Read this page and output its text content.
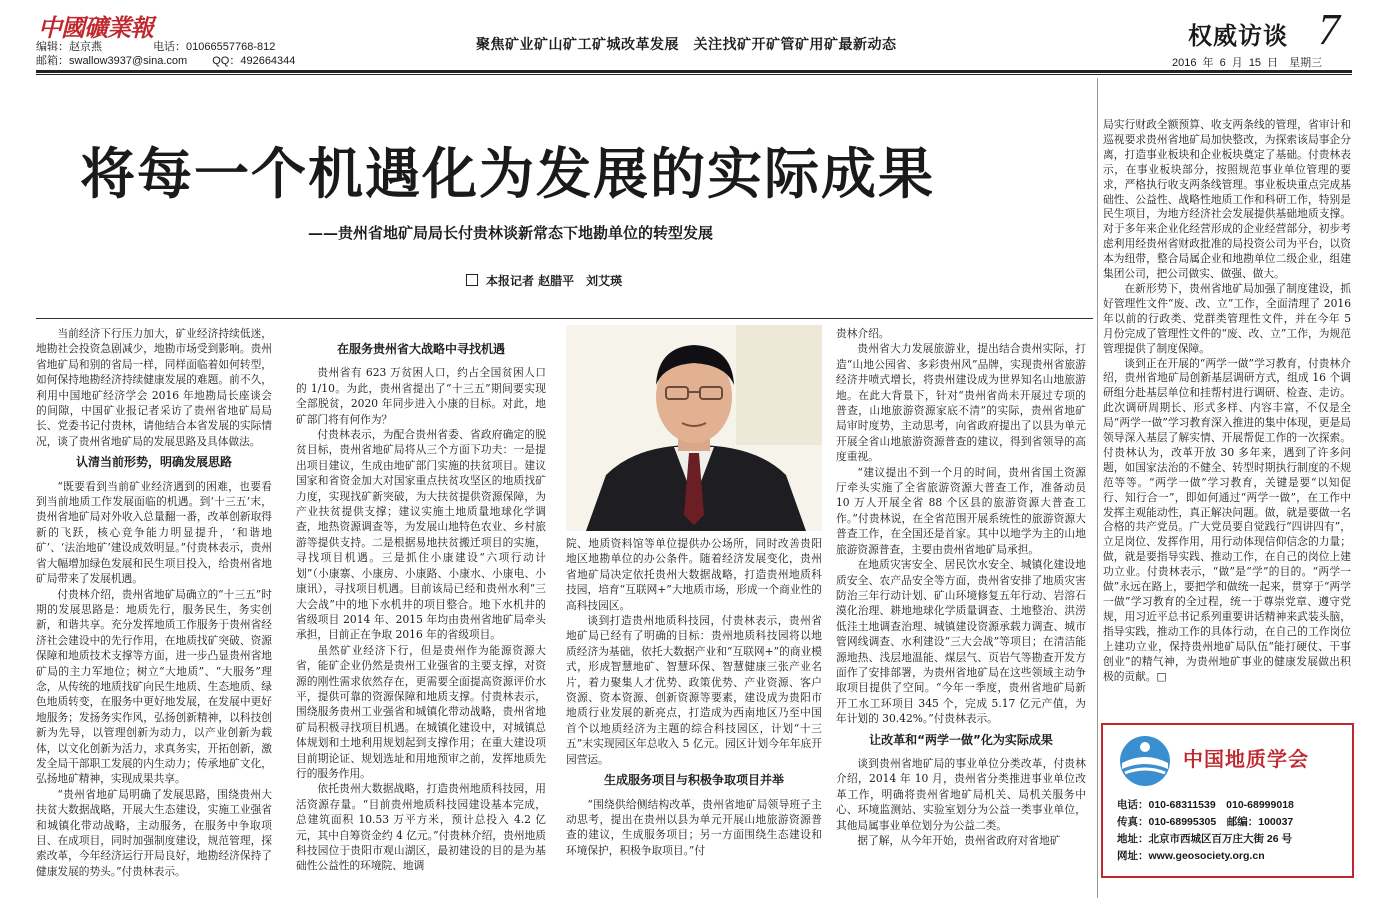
中國礦業報
编辑：赵京燕	电话：01066557768-812
邮箱：swallow3937@sina.com QQ：492664344
聚焦矿业矿山矿工矿城改革发展　关注找矿开矿管矿用矿最新动态	权威访谈 7
2016 年 6 月 15 日　星期三
将每一个机遇化为发展的实际成果
——贵州省地矿局局长付贵林谈新常态下地勘单位的转型发展
本报记者 赵腊平　刘艾瑛

当前经济下行压力加大，矿业经济持续低迷，地勘社会投资急剧减少，地勘市场受到影响。贵州省地矿局和别的省局一样，同样面临着如何转型，如何保持地勘经济持续健康发展的难题。前不久，利用中国地矿经济学会 2016 年地勘局长座谈会的间隙，中国矿业报记者采访了贵州省地矿局局长、党委书记付贵林，请他结合本省发展的实际情况，谈了贵州省地矿局的发展思路及具体做法。

认清当前形势，明确发展思路

“既要看到当前矿业经济遇到的困难，也要看到当前地质工作发展面临的机遇。到‘十三五’末，贵州省地矿局对外收入总量翻一番，改革创新取得新的飞跃，核心竞争能力明显提升，‘和谐地矿’、‘法治地矿’建设成效明显。”付贵林表示，贵州省大幅增加绿色发展和民生项目投入，给贵州省地矿局带来了发展机遇。

付贵林介绍，贵州省地矿局确立的“十三五”时期的发展思路是：地质先行，服务民生，务实创新，和谐共享。充分发挥地质工作服务于贵州省经济社会建设中的先行作用，在地质找矿突破、资源保障和地质技术支撑等方面，进一步凸显贵州省地矿局的主力军地位；树立“大地质”、“大服务”理念，从传统的地质找矿向民生地质、生态地质、绿色地质转变，在服务中更好地发展，在发展中更好地服务；发扬务实作风，弘扬创新精神，以科技创新为先导，以管理创新为动力，以产业创新为载体，以文化创新为活力，求真务实，开拓创新，激发全局干部职工发展的内生动力；传承地矿文化，弘扬地矿精神，实现成果共享。

“贵州省地矿局明确了发展思路，围绕贵州大扶贫大数据战略，开展大生态建设，实施工业强省和城镇化带动战略，主动服务，在服务中争取项目、在成项目，同时加强制度建设，规范管理，探索改革，今年经济运行开局良好，地勘经济保持了健康发展的势头。”付贵林表示。

在服务贵州省大战略中寻找机遇

贵州省有 623 万贫困人口，约占全国贫困人口的 1/10。为此，贵州省提出了“十三五”期间要实现全部脱贫，2020 年同步进入小康的目标。对此，地矿部门将有何作为？

付贵林表示，为配合贵州省委、省政府确定的脱贫目标，贵州省地矿局将从三个方面下功夫：一是提出项目建议，生成由地矿部门实施的扶贫项目。建议国家和省资金加大对国家重点扶贫攻坚区的地质找矿力度，实现找矿新突破，为大扶贫提供资源保障，为产业扶贫提供支撑；建议实施土地质量地球化学调查，地热资源调查等，为发展山地特色农业、乡村旅游等提供支持。二是根据易地扶贫搬迁项目的实施，寻找项目机遇。三是抓住小康建设“六项行动计划”（小康寨、小康房、小康路、小康水、小康电、小康讯），寻找项目机遇。目前该局已经和贵州水利“三大会战”中的地下水机井的项目整合。地下水机井的省级项目 2014 年、2015 年均由贵州省地矿局牵头承担，目前正在争取 2016 年的省级项目。

虽然矿业经济下行，但是贵州作为能源资源大省，能矿企业仍然是贵州工业强省的主要支撑，对资源的刚性需求依然存在，更需要全面提高资源评价水平，提供可靠的资源保障和地质支撑。付贵林表示，围绕服务贵州工业强省和城镇化带动战略，贵州省地矿局积极寻找项目机遇。在城镇化建设中，对城镇总体规划和土地利用规划起到支撑作用；在重大建设项目前期论证、规划选址和用地预审之前，发挥地质先行的服务作用。

依托贵州大数据战略，打造贵州地质科技园，用活资源存量。“目前贵州地质科技园建设基本完成，总建筑面积 10.53 万平方米，预计总投入 4.2 亿元，其中自筹资金约 4 亿元。”付贵林介绍，贵州地质科技园位于贵阳市观山湖区，最初建设的目的是为基础性公益性的环境院、地调

院、地质资料馆等单位提供办公场所，同时改善贵阳地区地勘单位的办公条件。随着经济发展变化，贵州省地矿局决定依托贵州大数据战略，打造贵州地质科技园，培育“互联网+”大地质市场，形成一个商业性的高科技园区。

谈到打造贵州地质科技园，付贵林表示，贵州省地矿局已经有了明确的目标：贵州地质科技园将以地质经济为基础，依托大数据产业和“互联网+”的商业模式，形成智慧地矿、智慧环保、智慧健康三张产业名片，着力聚集人才优势、政策优势、产业资源、客户资源、资本资源、创新资源等要素，建设成为贵阳市地质行业发展的新亮点，打造成为西南地区乃至中国首个以地质经济为主题的综合科技园区，计划“十三五”末实现园区年总收入 5 亿元。园区计划今年年底开园营运。

生成服务项目与积极争取项目并举

“围绕供给侧结构改革，贵州省地矿局领导班子主动思考，提出在贵州以县为单元开展山地旅游资源普查的建议，生成服务项目；另一方面围绕生态建设和环境保护，积极争取项目。”付

贵林介绍。

贵州省大力发展旅游业，提出结合贵州实际，打造“山地公园省、多彩贵州风”品牌，实现贵州省旅游经济井喷式增长，将贵州建设成为世界知名山地旅游地。在此大背景下，针对“贵州省尚未开展过专项的普查，山地旅游资源家底不清”的实际，贵州省地矿局审时度势，主动思考，向省政府提出了以县为单元开展全省山地旅游资源普查的建议，得到省领导的高度重视。

“建议提出不到一个月的时间，贵州省国土资源厅牵头实施了全省旅游资源大普查工作，准备动员 10 万人开展全省 88 个区县的旅游资源大普查工作。”付贵林说，在全省范围开展系统性的旅游资源大普查工作，在全国还是首家。其中以地学为主的山地旅游资源普查，主要由贵州省地矿局承担。

在地质灾害安全、居民饮水安全、城镇化建设地质安全、农产品安全等方面，贵州省安排了地质灾害防治三年行动计划、矿山环境修复五年行动、岩溶石漠化治理、耕地地球化学质量调查、土地整治、洪涝低洼土地调查治理、城镇建设资源承载力调查、城市管网线调查、水利建设“三大会战”等项目；在清洁能源地热、浅层地温能、煤层气、页岩气等勘查开发方面作了安排部署，为贵州省地矿局在这些领域主动争取项目提供了空间。“今年一季度，贵州省地矿局新开工水工环项目 345 个，完成 5.17 亿元产值，为年计划的 30.42%。”付贵林表示。

让改革和“两学一做”化为实际成果

谈到贵州省地矿局的事业单位分类改革，付贵林介绍，2014 年 10 月，贵州省分类推进事业单位改革工作，明确将贵州省地矿局机关、局机关服务中心、环境监测站、实验室划分为公益一类事业单位，其他局属事业单位划分为公益二类。

据了解，从今年开始，贵州省政府对省地矿

局实行财政全额预算、收支两条线的管理，省审计和巡视要求贵州省地矿局加快整改，为探索该局事企分离，打造事业板块和企业板块奠定了基础。付贵林表示，在事业板块部分，按照规范事业单位管理的要求，严格执行收支两条线管理。事业板块重点完成基础性、公益性、战略性地质工作和科研工作，特别是民生项目，为地方经济社会发展提供基础地质支撑。对于多年来企业化经营形成的企业经营部分，初步考虑利用经贵州省财政批准的局投资公司为平台，以资本为纽带，整合局属企业和地勘单位二级企业，组建集团公司，把公司做实、做强、做大。

在新形势下，贵州省地矿局加强了制度建设，抓好管理性文件“废、改、立”工作，全面清理了 2016 年以前的行政类、党群类管理性文件，并在今年 5 月份完成了管理性文件的“废、改、立”工作，为规范管理提供了制度保障。

谈到正在开展的“两学一做”学习教育，付贵林介绍，贵州省地矿局创新基层调研方式，组成 16 个调研组分赴基层单位和挂帮村进行调研、检查、走访。此次调研周期长、形式多样、内容丰富，不仅是全局“两学一做”学习教育深入推进的集中体现，更是局领导深入基层了解实情、开展帮促工作的一次探索。付贵林认为，改革开放 30 多年来，遇到了许多问题，如国家法治的不健全、转型时期执行制度的不规范等等。“两学一做”学习教育，关键是要“以知促行、知行合一”，即如何通过“两学一做”，在工作中发挥主观能动性，真正解决问题。做，就是要做一名合格的共产党员。广大党员要自觉践行“四讲四有”，立足岗位、发挥作用，用行动体现信仰信念的力量；做，就是要指导实践、推动工作，在自己的岗位上建功立业。付贵林表示，“做”是“学”的目的。“两学一做”永远在路上，要把学和做统一起来，贯穿于“两学一做”学习教育的全过程，统一于尊崇党章、遵守党规，用习近平总书记系列重要讲话精神来武装头脑，指导实践，推动工作的具体行动，在自己的工作岗位上建功立业，保持贵州地矿局队伍“能打硬仗、干事创业”的精气神，为贵州地矿事业的健康发展做出积极的贡献。□

中国地质学会
电话：010-68311539　010-68999018
传真：010-68995305　邮编：100037
地址：北京市西城区百万庄大街 26 号
网址：www.geosociety.org.cn
